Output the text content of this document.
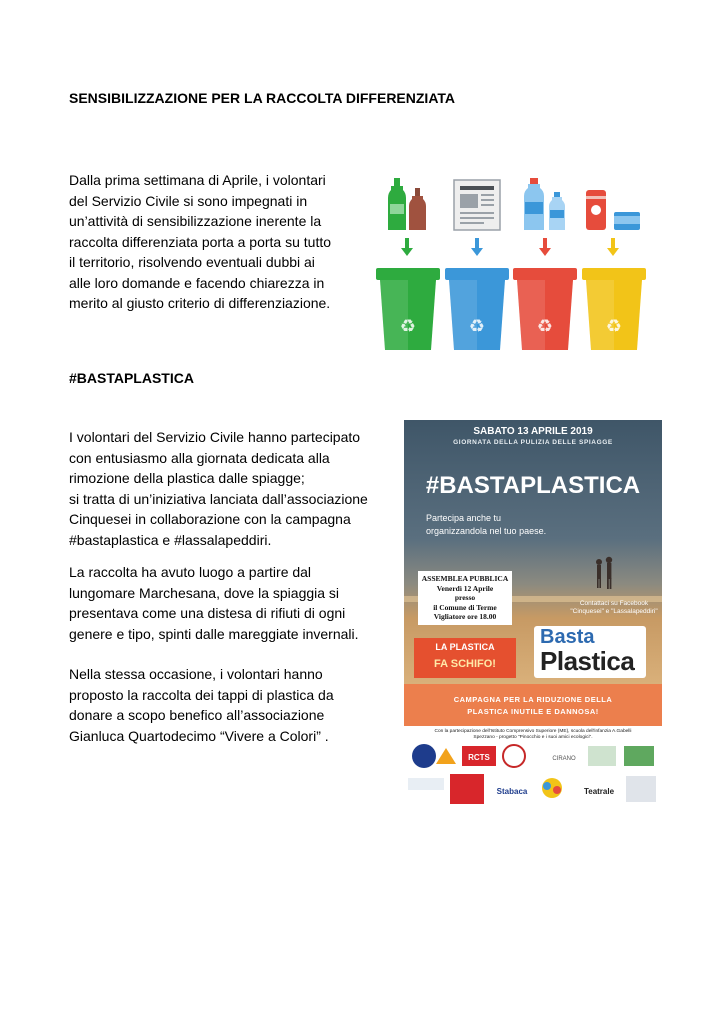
SENSIBILIZZAZIONE PER LA RACCOLTA DIFFERENZIATA

Dalla prima settimana di Aprile, i volontari

del Servizio Civile si sono impegnati in

un’attività di sensibilizzazione inerente la

raccolta differenziata porta a porta su tutto

il territorio, risolvendo eventuali dubbi ai

alle loro domande e facendo chiarezza in

merito al giusto criterio di differenziazione.

♻	♻	♻	♻
#BASTAPLASTICA

I volontari del Servizio Civile hanno partecipato

con entusiasmo alla giornata dedicata alla

rimozione della plastica dalle spiagge;

si tratta di un’iniziativa lanciata dall’associazione

Cinquesei in collaborazione con la campagna

#bastaplastica e #lassalapeddiri.

La raccolta ha avuto luogo a partire dal

lungomare Marchesana, dove la spiaggia si

presentava come una distesa di rifiuti di ogni

genere e tipo, spinti dalle mareggiate invernali.

Nella stessa occasione, i volontari hanno

proposto la raccolta dei tappi di plastica da

donare a scopo benefico all’associazione

Gianluca Quartodecimo “Vivere a Colori” .

SABATO 13 APRILE 2019
GIORNATA DELLA PULIZIA DELLE SPIAGGE
#BASTAPLASTICA
Partecipa anche tu
organizzandola nel tuo paese.
ASSEMBLEA PUBBLICA
Venerdì 12 Aprile
presso
il Comune di Terme
Vigliatore ore 18.00
Contattaci su Facebook
"Cinquesei" e "Lassalapeddiri"
LA PLASTICA
FA SCHIFO!
Basta
Plastica
CAMPAGNA PER LA RIDUZIONE DELLA
PLASTICA INUTILE E DANNOSA!
Con la partecipazione dell'Istituto Comprensivo Superiore (ME), scuola dell'infanzia A.Gabelli
Spezzano - progetto "Pinocchio e i suoi amici ecologici".
RCTS	CIRANO
Stabaca	Teatrale
